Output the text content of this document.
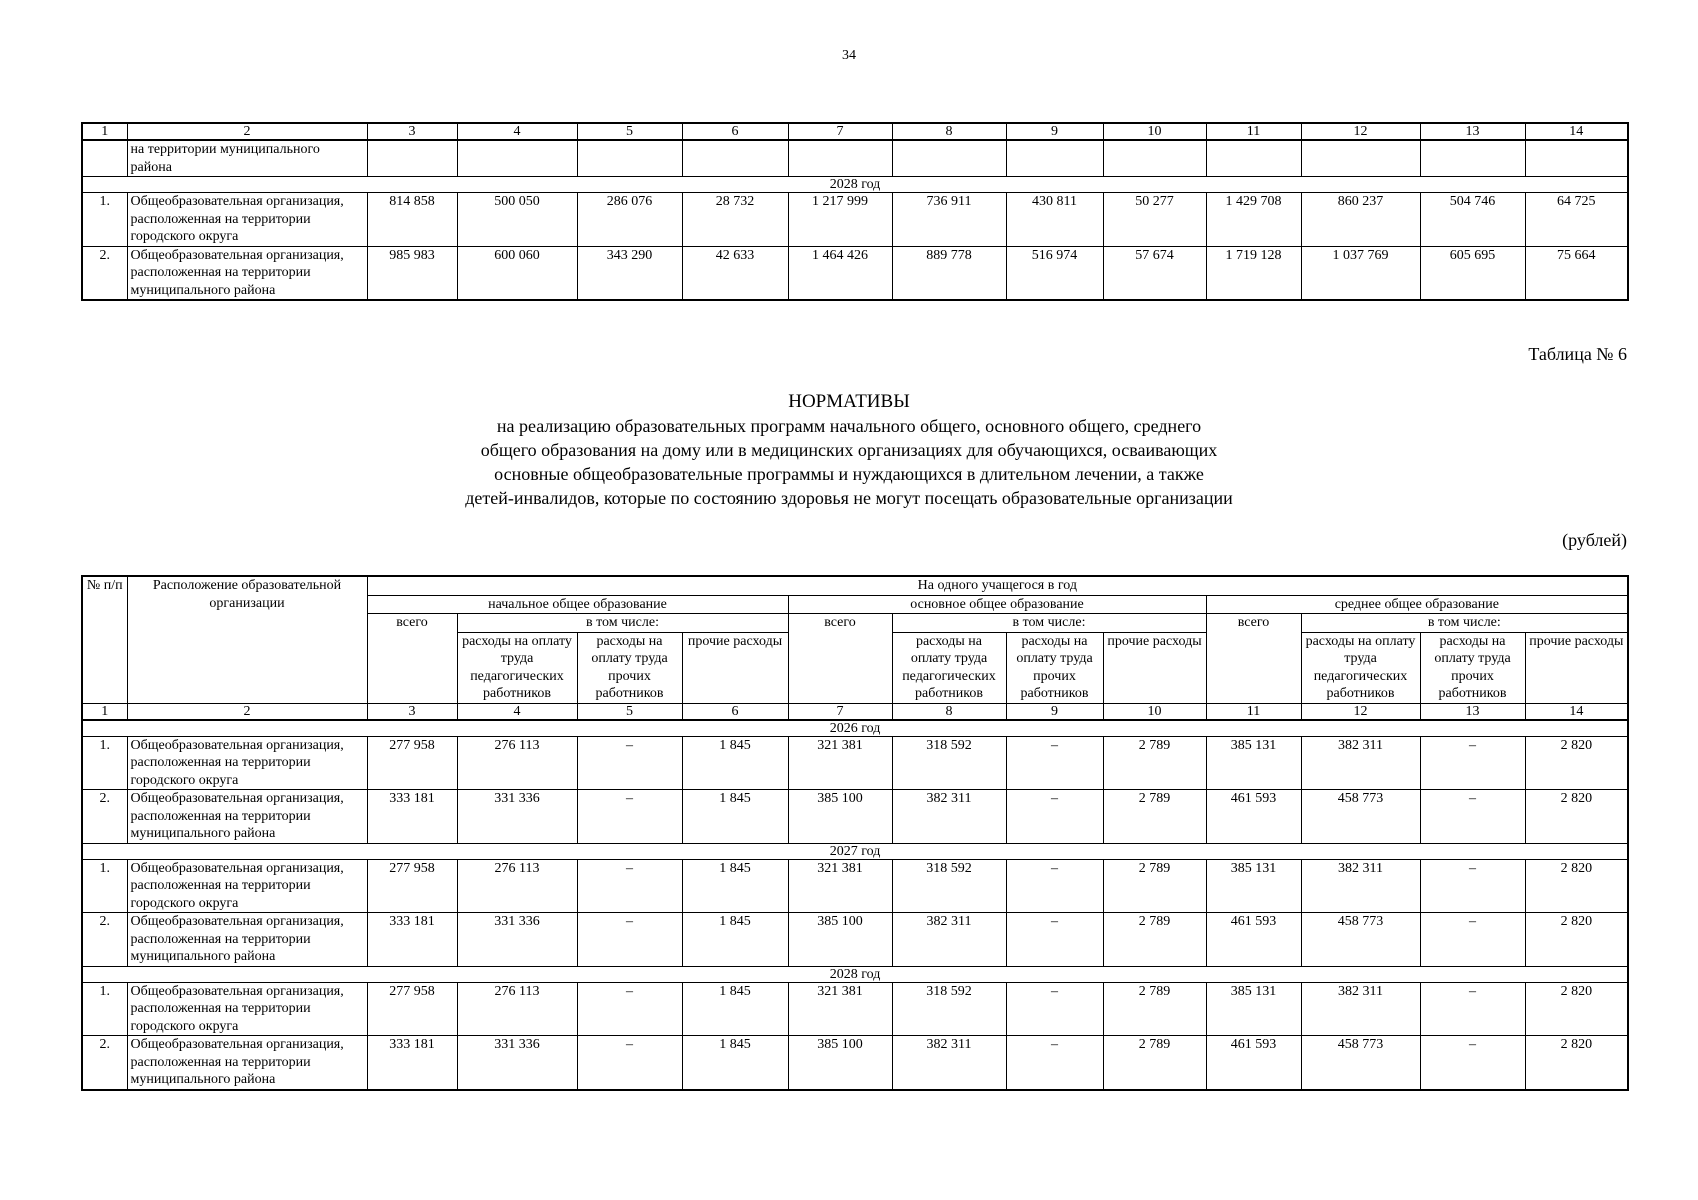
34
1	2	3	4	5	6	7	8	9	10	11	12	13	14
	на территории муниципального района												
2028 год													
1.	Общеобразовательная организация, расположенная на территории городского округа	814 858	500 050	286 076	28 732	1 217 999	736 911	430 811	50 277	1 429 708	860 237	504 746	64 725
2.	Общеобразовательная организация, расположенная на территории муниципального района	985 983	600 060	343 290	42 633	1 464 426	889 778	516 974	57 674	1 719 128	1 037 769	605 695	75 664
Таблица № 6
НОРМАТИВЫ
на реализацию образовательных программ начального общего, основного общего, среднего
общего образования на дому или в медицинских организациях для обучающихся, осваивающих
основные общеобразовательные программы и нуждающихся в длительном лечении, а также
детей-инвалидов, которые по состоянию здоровья не могут посещать образовательные организации
(рублей)
№ п/п	Расположение образовательной организации	На одного учащегося в год											
		начальное общее образование				основное общее образование				среднее общее образование			
		всего	в том числе:			всего	в том числе:			всего	в том числе:		
			расходы на оплату труда педагогических работников	расходы на оплату труда прочих работников	прочие расходы		расходы на оплату труда педагогических работников	расходы на оплату труда прочих работников	прочие расходы		расходы на оплату труда педагогических работников	расходы на оплату труда прочих работников	прочие расходы
1	2	3	4	5	6	7	8	9	10	11	12	13	14
2026 год													
1.	Общеобразовательная организация, расположенная на территории городского округа	277 958	276 113	–	1 845	321 381	318 592	–	2 789	385 131	382 311	–	2 820
2.	Общеобразовательная организация, расположенная на территории муниципального района	333 181	331 336	–	1 845	385 100	382 311	–	2 789	461 593	458 773	–	2 820
2027 год													
1.	Общеобразовательная организация, расположенная на территории городского округа	277 958	276 113	–	1 845	321 381	318 592	–	2 789	385 131	382 311	–	2 820
2.	Общеобразовательная организация, расположенная на территории муниципального района	333 181	331 336	–	1 845	385 100	382 311	–	2 789	461 593	458 773	–	2 820
2028 год													
1.	Общеобразовательная организация, расположенная на территории городского округа	277 958	276 113	–	1 845	321 381	318 592	–	2 789	385 131	382 311	–	2 820
2.	Общеобразовательная организация, расположенная на территории муниципального района	333 181	331 336	–	1 845	385 100	382 311	–	2 789	461 593	458 773	–	2 820
